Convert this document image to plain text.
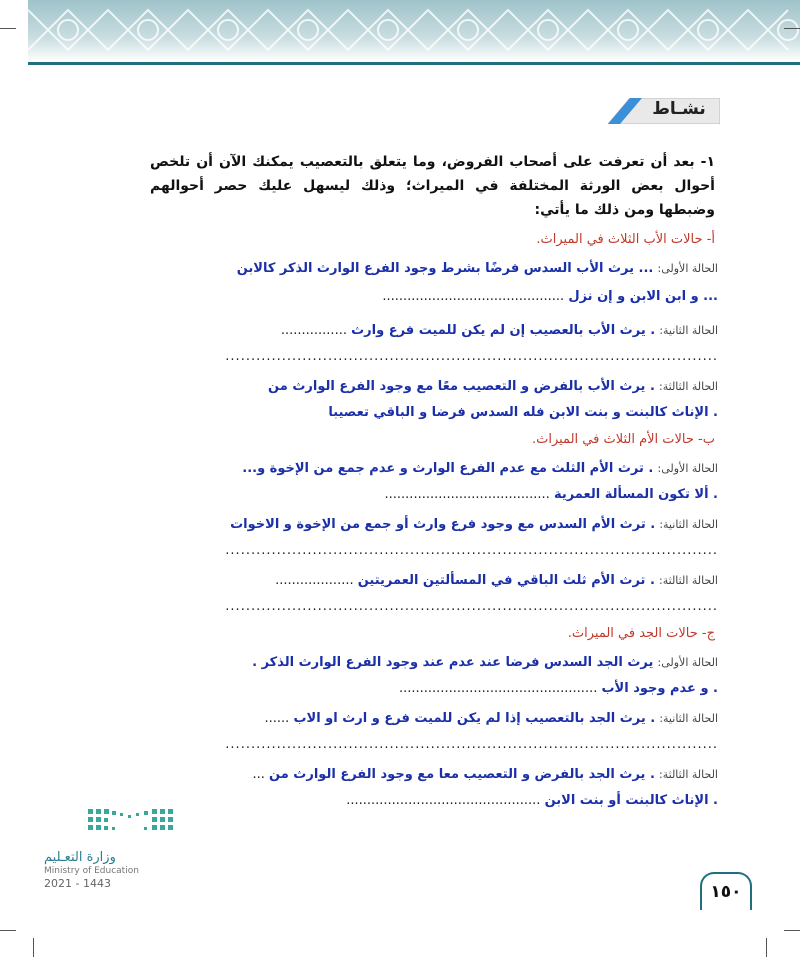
نشـاط
١- بعد أن تعرفت على أصحاب الفروض، وما يتعلق بالتعصيب يمكنك الآن أن تلخص أحوال بعض الورثة المختلفة في الميراث؛ وذلك ليسهل عليك حصر أحوالهم وضبطها ومن ذلك ما يأتي:
أ- حالات الأب الثلاث في الميراث.
الحالة الأولى: ... يرث الأب السدس فرضًا بشرط وجود الفرع الوارث الذكر كالابن
... و ابن الابن و إن نزل ............................................
الحالة الثانية: . يرث الأب بالعصيب إن لم يكن للميت فرع وارث ................
................................................................................................
الحالة الثالثة: . يرث الأب بالفرض و التعصيب معًا مع وجود الفرع الوارث من
. الإناث كالبنت و بنت الابن فله السدس فرضا و الباقي تعصيبا
ب- حالات الأم الثلاث في الميراث.
الحالة الأولى: . ترث الأم الثلث مع عدم الفرع الوارث و عدم جمع من الإخوة و...
. ألا تكون المسألة العمرية ........................................
الحالة الثانية: . ترث الأم السدس مع وجود فرع وارث أو جمع من الإخوة و الاخوات
................................................................................................
الحالة الثالثة: . ترث الأم ثلث الباقي في المسألتين العمريتين ...................
................................................................................................
ج- حالات الجد في الميراث.
الحالة الأولى: يرث الجد السدس فرضا عند عدم عند وجود الفرع الوارث الذكر .
. و عدم وجود الأب ................................................
الحالة الثانية: . يرث الجد بالتعصيب إذا لم يكن للميت فرع و ارث او الاب ......
................................................................................................
الحالة الثالثة: . يرث الجد بالفرض و التعصيب معا مع وجود الفرع الوارث من ...
. الإناث كالبنت أو بنت الابن ...............................................
وزارة التعـليم
Ministry of Education
2021 - 1443	١٥٠
